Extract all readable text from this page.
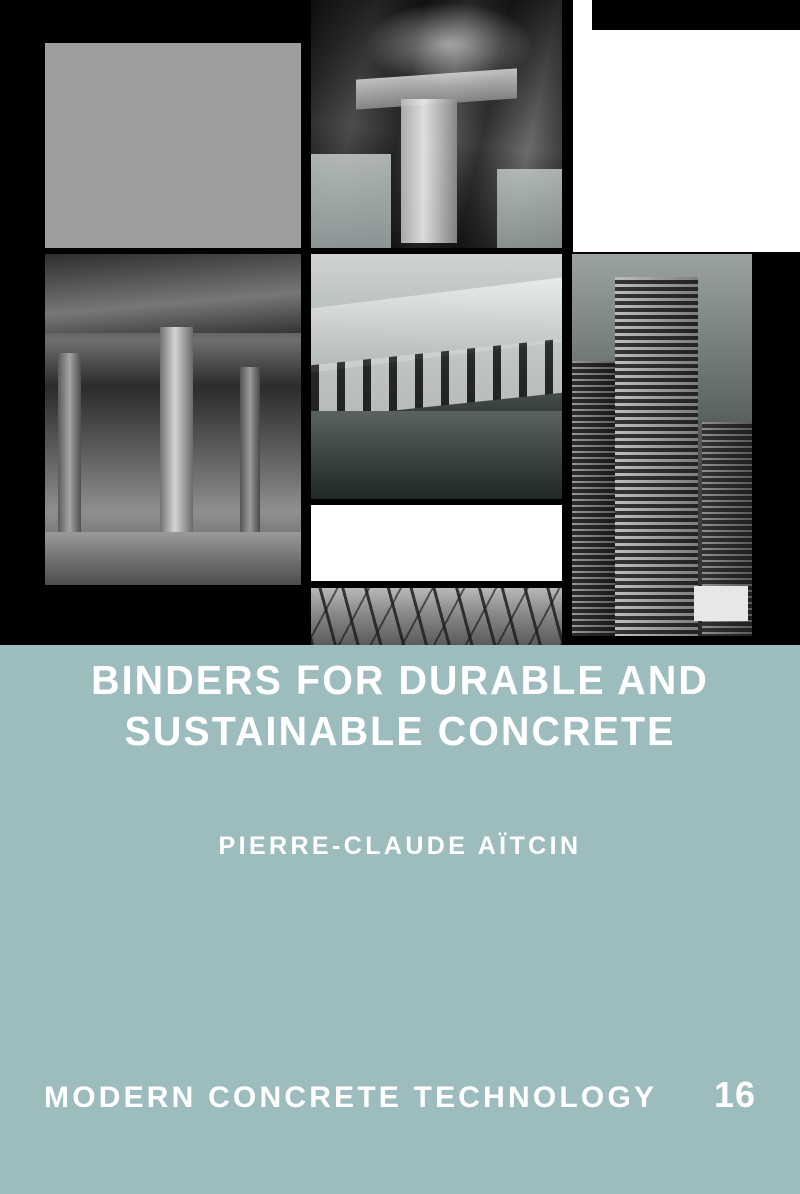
BINDERS FOR DURABLE AND
SUSTAINABLE CONCRETE
PIERRE-CLAUDE AÏTCIN
MODERN CONCRETE TECHNOLOGY 16
